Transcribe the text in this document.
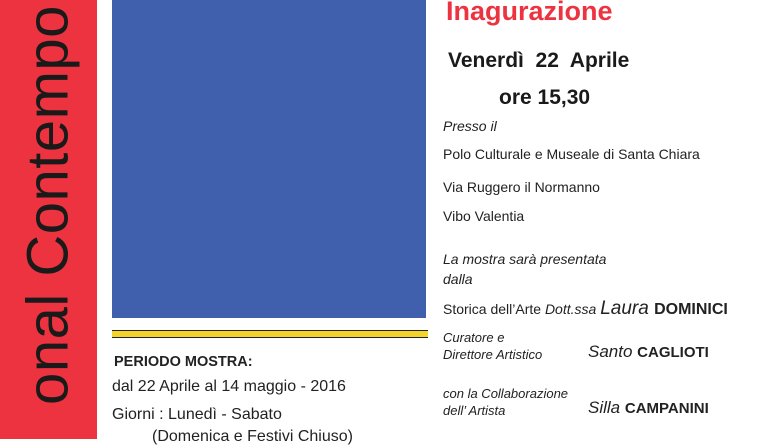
onal Contempo PERIODO MOSTRA:
dal 22 Aprile al 14 maggio - 2016
Giorni : Lunedì - Sabato
(Domenica e Festivi Chiuso)
Inagurazione
Venerdì  22  Aprile
ore 15,30
Presso il
Polo Culturale e Museale di Santa Chiara
Via Ruggero il Normanno
Vibo Valentia
La mostra sarà presentata
dalla
Storica dell’Arte Dott.ssa Laura DOMINICI
Curatore e
Direttore Artistico	Santo CAGLIOTI
con la Collaborazione
dell’ Artista	Silla CAMPANINI
